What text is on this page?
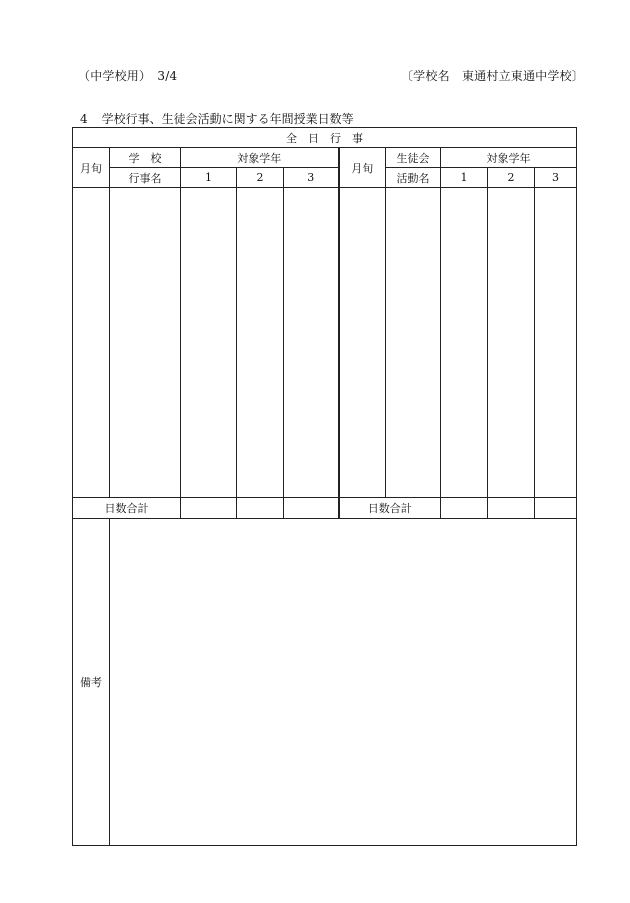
（中学校用）　3/4	〔学校名　東通村立東通中学校〕
4 学校行事、生徒会活動に関する年間授業日数等
全　日　行　事									
月旬	学　校	対象学年			月旬	生徒会	対象学年		
	行事名	1	2	3		活動名	1	2	3

日数合計					日数合計				
備考									
